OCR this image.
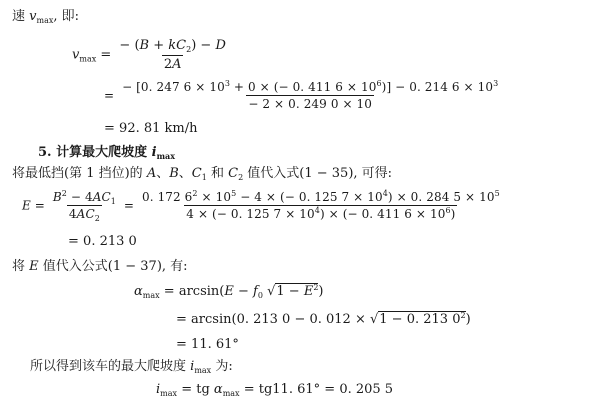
速 $v_{max}$, 即:
$v_{max} = \frac{- (B + kC_2) - D}{2A}$
= $\frac{- [0. 247 6 \times 10^3 + 0 \times (- 0. 411 6 \times 10^6)] - 0. 214 6 \times 10^3}{- 2 \times 0. 249 0 \times 10}$
= 92. 81 km/h
5. 计算最大爬坡度 $i_{max}$
将最低挡(第 1 挡位)的 A、B、$C_1$ 和 $C_2$ 值代入式(1 − 35), 可得:
$E = \frac{B^2 - 4AC_1}{4AC_2} = \frac{0. 172 6^2 \times 10^5 - 4 \times (- 0. 125 7 \times 10^4) \times 0. 284 5 \times 10^5}{4 \times (- 0. 125 7 \times 10^4) \times (- 0. 411 6 \times 10^6)}$
= 0. 213 0
将 E 值代入公式(1 − 37), 有:
$\alpha_{max} = \arcsin(E - f_0$ $√1 - E^2$)
= arcsin(0. 213 0 − 0. 012 × √1 − 0. 213 $0^2$)
= 11. 61°
所以得到该车的最大爬坡度 $i_{max}$ 为:
$i_{max}$ = tg $\alpha_{max} = tg11$. 61° = 0. 205 5
